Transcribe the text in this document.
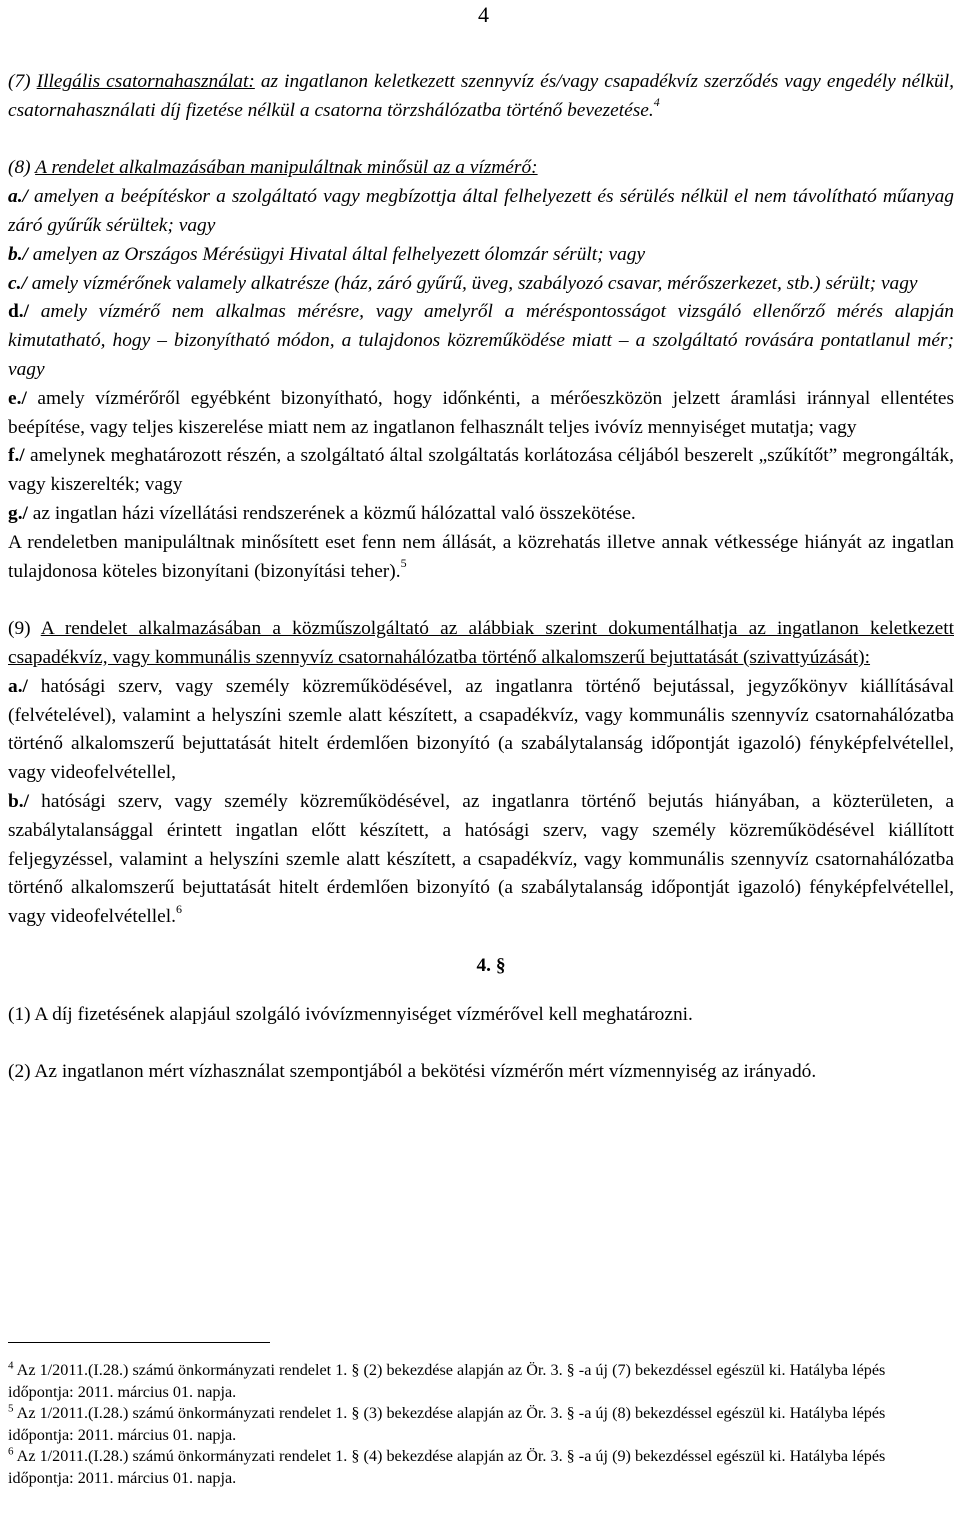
4

(7) Illegális csatornahasználat: az ingatlanon keletkezett szennyvíz és/vagy csapadékvíz szerződés vagy engedély nélkül, csatornahasználati díj fizetése nélkül a csatorna törzshálózatba történő bevezetése.$^4$

(8) A rendelet alkalmazásában manipuláltnak minősül az a vízmérő:

a./ amelyen a beépítéskor a szolgáltató vagy megbízottja által felhelyezett és sérülés nélkül el nem távolítható műanyag záró gyűrűk sérültek; vagy

b./ amelyen az Országos Mérésügyi Hivatal által felhelyezett ólomzár sérült; vagy

c./ amely vízmérőnek valamely alkatrésze (ház, záró gyűrű, üveg, szabályozó csavar, mérőszerkezet, stb.) sérült; vagy

d./ amely vízmérő nem alkalmas mérésre, vagy amelyről a méréspontosságot vizsgáló ellenőrző mérés alapján kimutatható, hogy – bizonyítható módon, a tulajdonos közreműködése miatt – a szolgáltató rovására pontatlanul mér; vagy

e./ amely vízmérőről egyébként bizonyítható, hogy időnkénti, a mérőeszközön jelzett áramlási iránnyal ellentétes beépítése, vagy teljes kiszerelése miatt nem az ingatlanon felhasznált teljes ivóvíz mennyiséget mutatja; vagy

f./ amelynek meghatározott részén, a szolgáltató által szolgáltatás korlátozása céljából beszerelt „szűkítőt” megrongálták, vagy kiszerelték; vagy

g./ az ingatlan házi vízellátási rendszerének a közmű hálózattal való összekötése.

A rendeletben manipuláltnak minősített eset fenn nem állását, a közrehatás illetve annak vétkessége hiányát az ingatlan tulajdonosa köteles bizonyítani (bizonyítási teher).$^5$

(9) A rendelet alkalmazásában a közműszolgáltató az alábbiak szerint dokumentálhatja az ingatlanon keletkezett csapadékvíz, vagy kommunális szennyvíz csatornahálózatba történő alkalomszerű bejuttatását (szivattyúzását):

a./ hatósági szerv, vagy személy közreműködésével, az ingatlanra történő bejutással, jegyzőkönyv kiállításával (felvételével), valamint a helyszíni szemle alatt készített, a csapadékvíz, vagy kommunális szennyvíz csatornahálózatba történő alkalomszerű bejuttatását hitelt érdemlően bizonyító (a szabálytalanság időpontját igazoló) fényképfelvétellel, vagy videofelvétellel,

b./ hatósági szerv, vagy személy közreműködésével, az ingatlanra történő bejutás hiányában, a közterületen, a szabálytalansággal érintett ingatlan előtt készített, a hatósági szerv, vagy személy közreműködésével kiállított feljegyzéssel, valamint a helyszíni szemle alatt készített, a csapadékvíz, vagy kommunális szennyvíz csatornahálózatba történő alkalomszerű bejuttatását hitelt érdemlően bizonyító (a szabálytalanság időpontját igazoló) fényképfelvétellel, vagy videofelvétellel.$^6$

4. §

(1) A díj fizetésének alapjául szolgáló ivóvízmennyiséget vízmérővel kell meghatározni.

(2) Az ingatlanon mért vízhasználat szempontjából a bekötési vízmérőn mért vízmennyiség az irányadó.

$^4$ Az 1/2011.(I.28.) számú önkormányzati rendelet 1. § (2) bekezdése alapján az Ör. 3. § -a új (7) bekezdéssel egészül ki. Hatályba lépés időpontja: 2011. március 01. napja.

$^5$ Az 1/2011.(I.28.) számú önkormányzati rendelet 1. § (3) bekezdése alapján az Ör. 3. § -a új (8) bekezdéssel egészül ki. Hatályba lépés időpontja: 2011. március 01. napja.

$^6$ Az 1/2011.(I.28.) számú önkormányzati rendelet 1. § (4) bekezdése alapján az Ör. 3. § -a új (9) bekezdéssel egészül ki. Hatályba lépés időpontja: 2011. március 01. napja.
